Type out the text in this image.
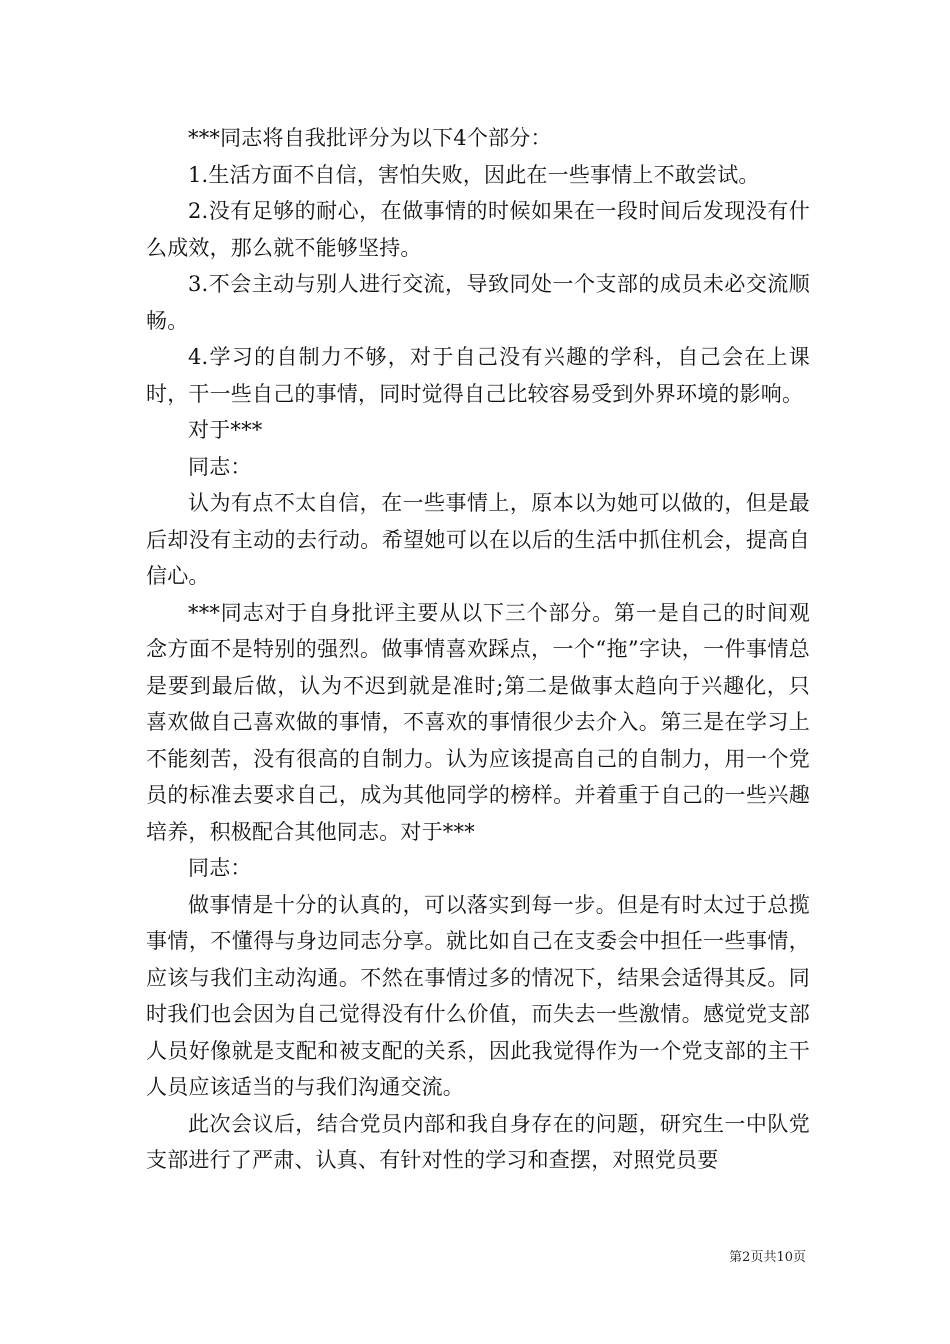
***同志将自我批评分为以下4个部分：

1.生活方面不自信，害怕失败，因此在一些事情上不敢尝试。

2.没有足够的耐心，在做事情的时候如果在一段时间后发现没有什么成效，那么就不能够坚持。

3.不会主动与别人进行交流，导致同处一个支部的成员未必交流顺畅。

4.学习的自制力不够，对于自己没有兴趣的学科，自己会在上课时，干一些自己的事情，同时觉得自己比较容易受到外界环境的影响。

对于***

同志：

认为有点不太自信，在一些事情上，原本以为她可以做的，但是最后却没有主动的去行动。希望她可以在以后的生活中抓住机会，提高自信心。

***同志对于自身批评主要从以下三个部分。第一是自己的时间观念方面不是特别的强烈。做事情喜欢踩点，一个“拖”字诀，一件事情总是要到最后做，认为不迟到就是准时;第二是做事太趋向于兴趣化，只喜欢做自己喜欢做的事情，不喜欢的事情很少去介入。第三是在学习上不能刻苦，没有很高的自制力。认为应该提高自己的自制力，用一个党员的标准去要求自己，成为其他同学的榜样。并着重于自己的一些兴趣培养，积极配合其他同志。对于***

同志：

做事情是十分的认真的，可以落实到每一步。但是有时太过于总揽事情，不懂得与身边同志分享。就比如自己在支委会中担任一些事情，应该与我们主动沟通。不然在事情过多的情况下，结果会适得其反。同时我们也会因为自己觉得没有什么价值，而失去一些激情。感觉党支部人员好像就是支配和被支配的关系，因此我觉得作为一个党支部的主干人员应该适当的与我们沟通交流。

此次会议后，结合党员内部和我自身存在的问题，研究生一中队党支部进行了严肃、认真、有针对性的学习和查摆，对照党员要

第2页共10页
